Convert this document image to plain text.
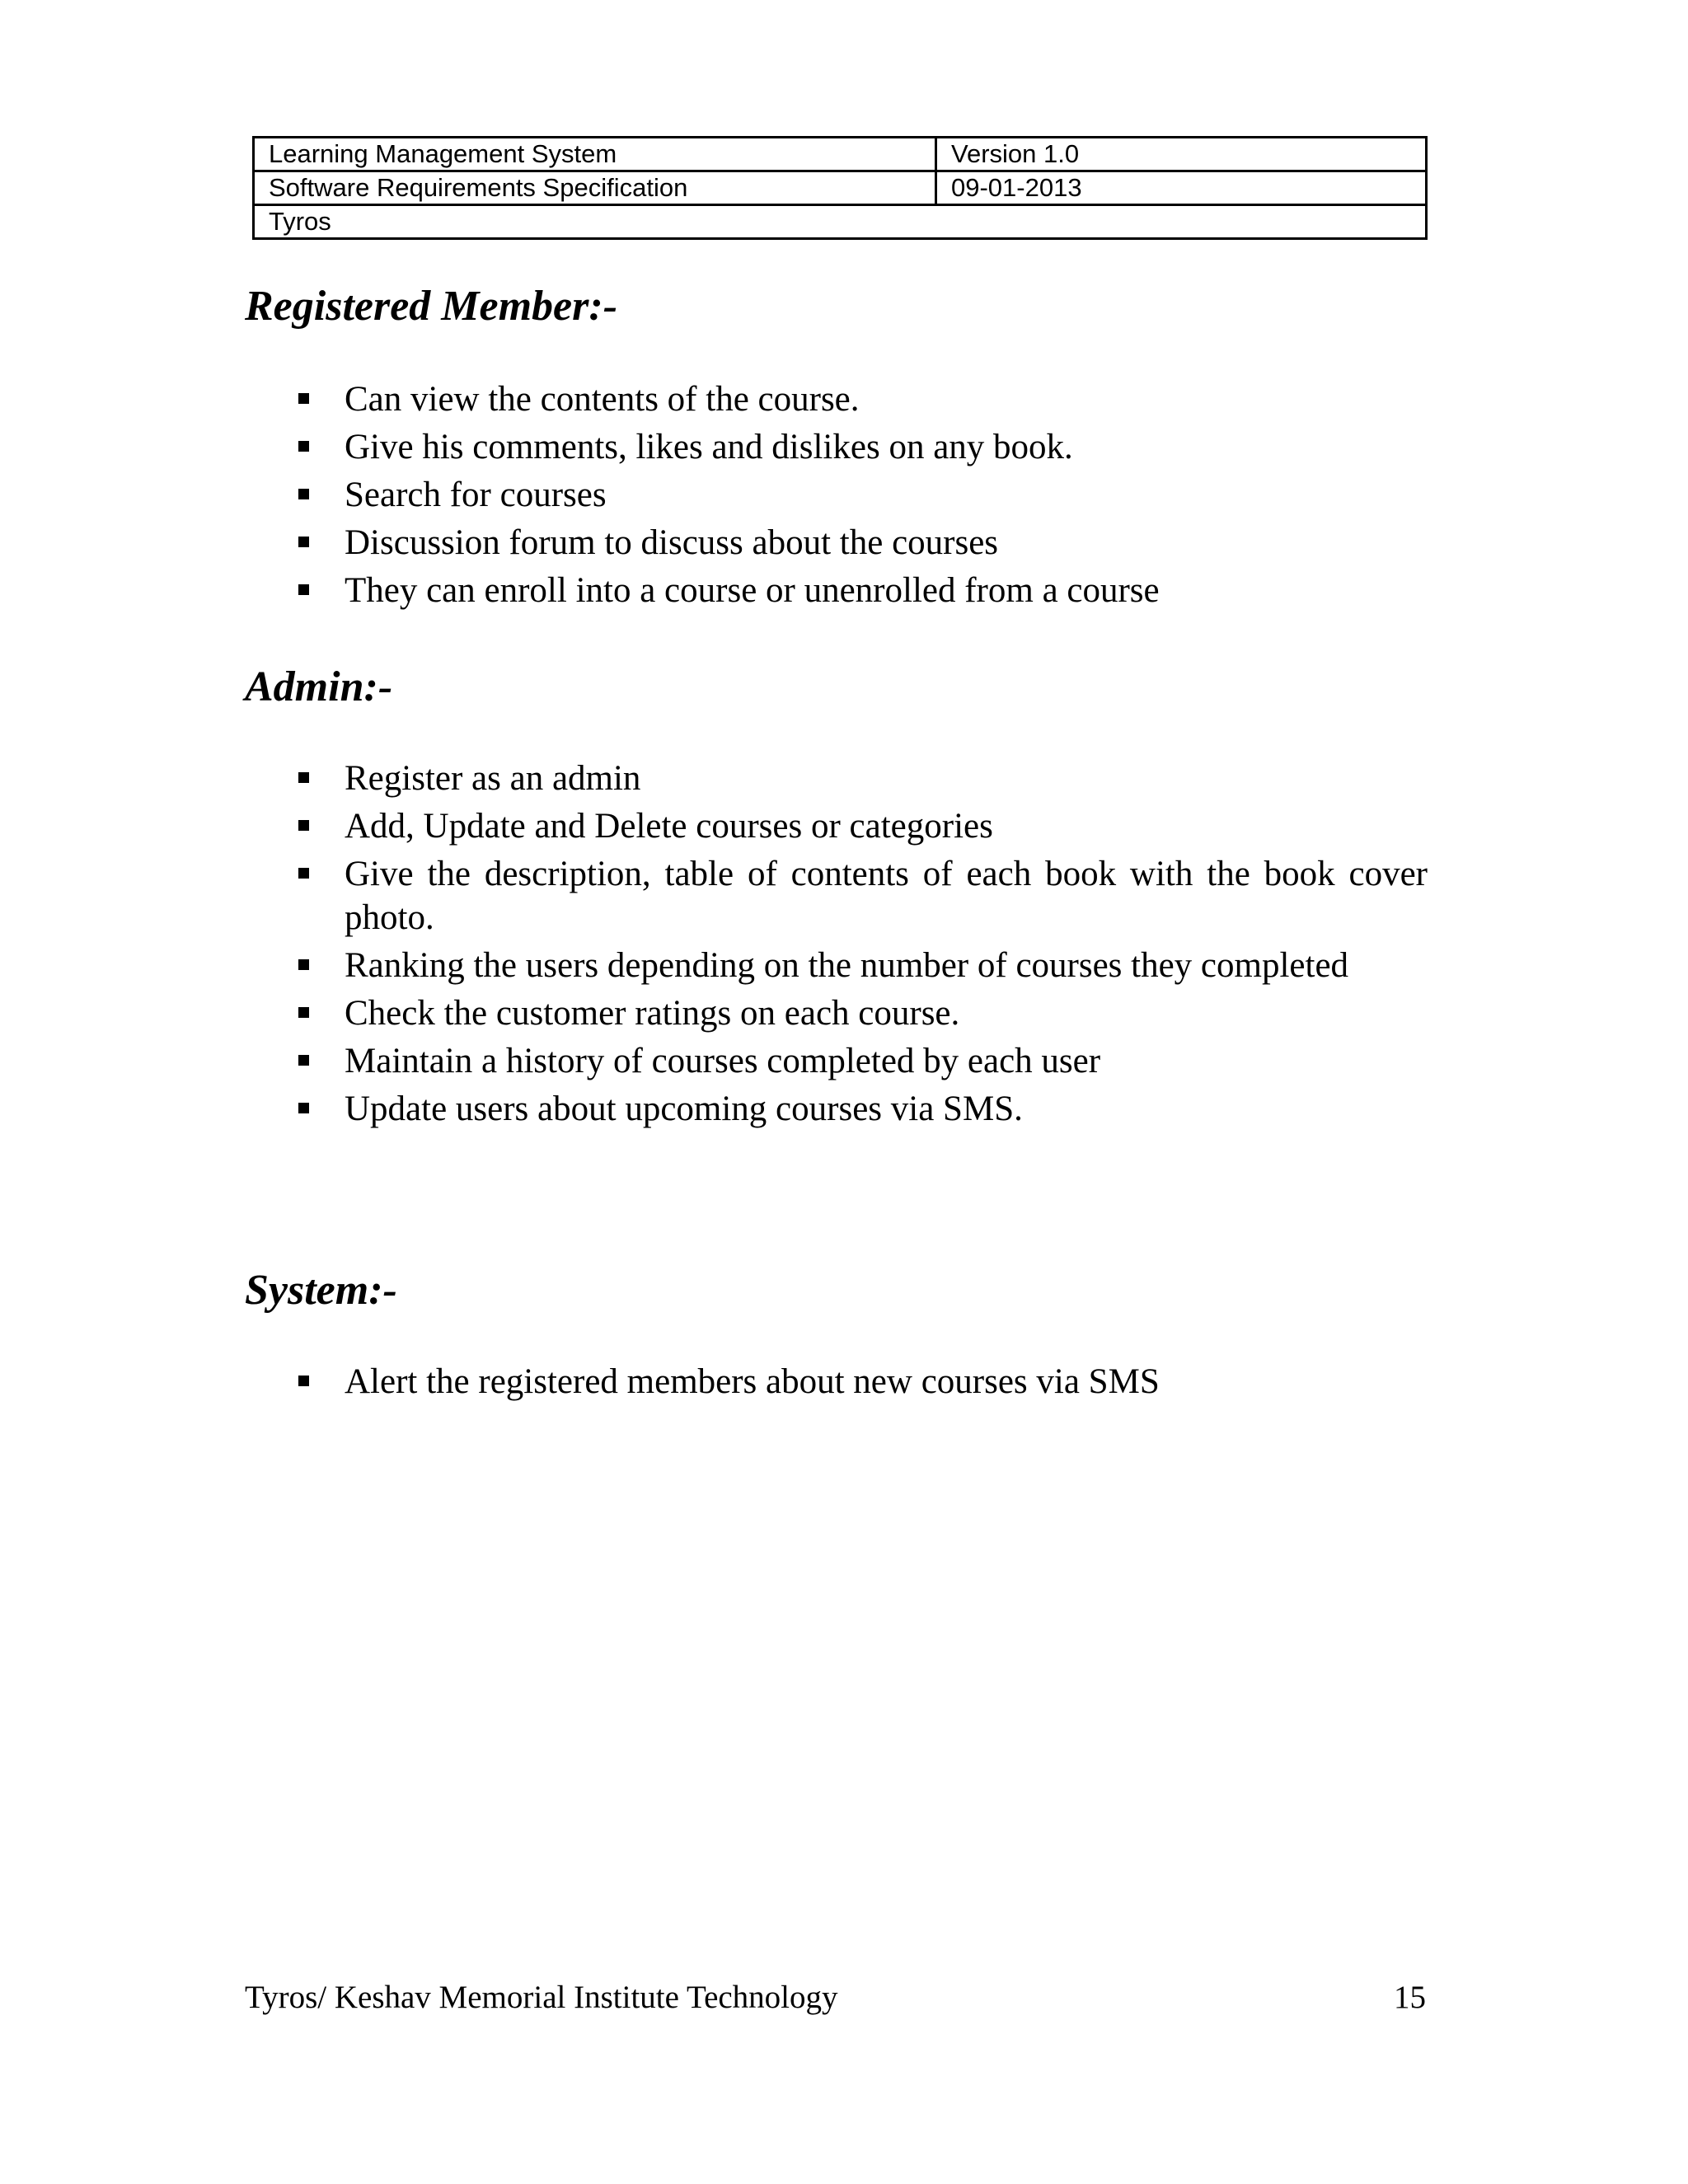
Learning Management System	Version 1.0
Software Requirements Specification	09-01-2013
Tyros	
Registered Member:-
Can view the contents of the course.
Give his comments, likes and dislikes on any book.
Search for courses
Discussion forum to discuss about the courses
They can enroll into a course or unenrolled from a course
Admin:-
Register as an admin
Add, Update and Delete courses or categories
Give the description, table of contents of each book with the book cover photo.
Ranking the users depending on the number of courses they completed
Check the customer ratings on each course.
Maintain a history of courses completed by each user
Update users about upcoming courses via SMS.
System:-
Alert the registered members about new courses via SMS
Tyros/ Keshav Memorial Institute Technology	15
